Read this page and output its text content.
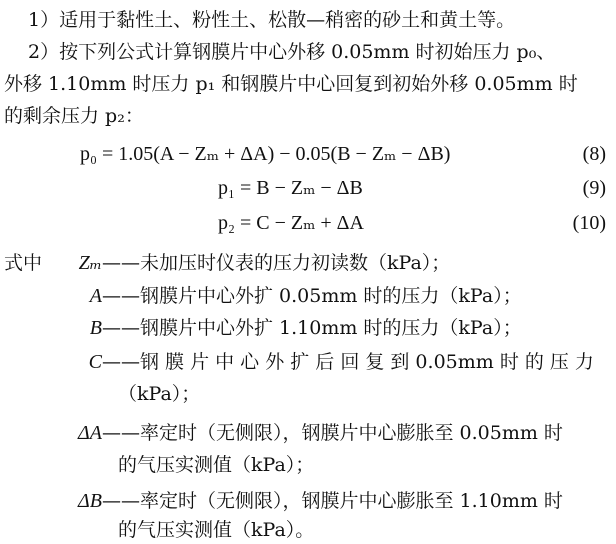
1）适用于黏性土、粉性土、松散—稍密的砂土和黄土等。
2）按下列公式计算钢膜片中心外移 0.05mm 时初始压力 p₀、
外移 1.10mm 时压力 p₁ 和钢膜片中心回复到初始外移 0.05mm 时
的剩余压力 p₂：
p₀ = 1.05(A − Zₘ + ΔA) − 0.05(B − Zₘ − ΔB)	(8)
p₁ = B − Zₘ − ΔB	(9)
p₂ = C − Zₘ + ΔA	(10)
式中	Zₘ ——未加压时仪表的压力初读数（kPa）；
A ——钢膜片中心外扩 0.05mm 时的压力（kPa）；
B ——钢膜片中心外扩 1.10mm 时的压力（kPa）；
C ——钢 膜 片 中 心 外 扩 后 回 复 到 0.05mm 时 的 压 力
（kPa）；
ΔA ——率定时（无侧限），钢膜片中心膨胀至 0.05mm 时
的气压实测值（kPa）；
ΔB ——率定时（无侧限），钢膜片中心膨胀至 1.10mm 时
的气压实测值（kPa）。
